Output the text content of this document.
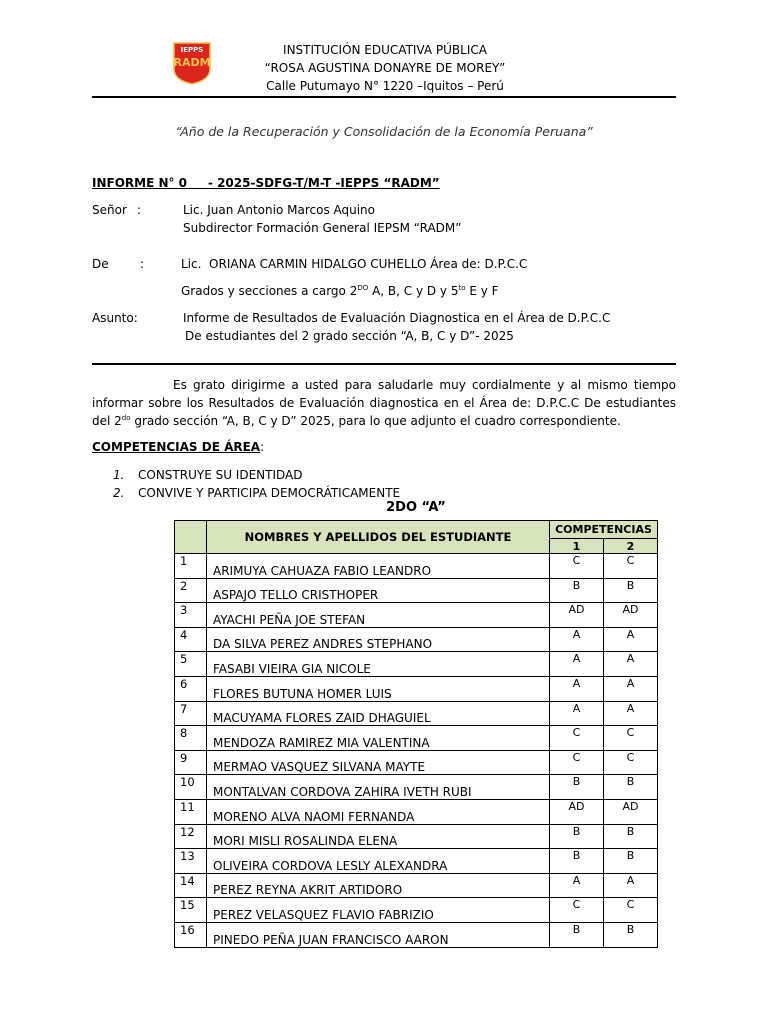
IEPPS
RADM
INSTITUCIÓN EDUCATIVA PÚBLICA
“ROSA AGUSTINA DONAYRE DE MOREY”
Calle Putumayo N° 1220 –Iquitos – Perú
“Año de la Recuperación y Consolidación de la Economía Peruana”
INFORME N° 0     - 2025-SDFG-T/M-T -IEPPS “RADM”
Señor :	Lic. Juan Antonio Marcos Aquino
Subdirector Formación General IEPSM “RADM”
De	:	Lic.  ORIANA CARMIN HIDALGO CUHELLO Área de: D.P.C.C
Grados y secciones a cargo $2^{DO}$ A, B, C y D y $5^{to}$ E y F
Asunto:	Informe de Resultados de Evaluación Diagnostica en el Área de D.P.C.C
De estudiantes del 2 grado sección “A, B, C y D”- 2025
Es grato dirigirme a usted para saludarle muy cordialmente y al mismo tiempo informar sobre los Resultados de Evaluación diagnostica en el Área de: D.P.C.C De estudiantes del $2^{do}$ grado sección “A, B, C y D” 2025, para lo que adjunto el cuadro correspondiente.
COMPETENCIAS DE ÁREA:
1. CONSTRUYE SU IDENTIDAD
2. CONVIVE Y PARTICIPA DEMOCRÁTICAMENTE
2DO “A”
	NOMBRES Y APELLIDOS DEL ESTUDIANTE	COMPETENCIAS	
		1	2
1	ARIMUYA CAHUAZA FABIO LEANDRO	C	C
2	ASPAJO TELLO CRISTHOPER	B	B
3	AYACHI PEÑA JOE STEFAN	AD	AD
4	DA SILVA PEREZ ANDRES STEPHANO	A	A
5	FASABI VIEIRA GIA NICOLE	A	A
6	FLORES BUTUNA HOMER LUIS	A	A
7	MACUYAMA FLORES ZAID DHAGUIEL	A	A
8	MENDOZA RAMIREZ MIA VALENTINA	C	C
9	MERMAO VASQUEZ SILVANA MAYTE	C	C
10	MONTALVAN CORDOVA ZAHIRA IVETH RUBI	B	B
11	MORENO ALVA NAOMI FERNANDA	AD	AD
12	MORI MISLI ROSALINDA ELENA	B	B
13	OLIVEIRA CORDOVA LESLY ALEXANDRA	B	B
14	PEREZ REYNA AKRIT ARTIDORO	A	A
15	PEREZ VELASQUEZ FLAVIO FABRIZIO	C	C
16	PINEDO PEÑA JUAN FRANCISCO AARON	B	B
